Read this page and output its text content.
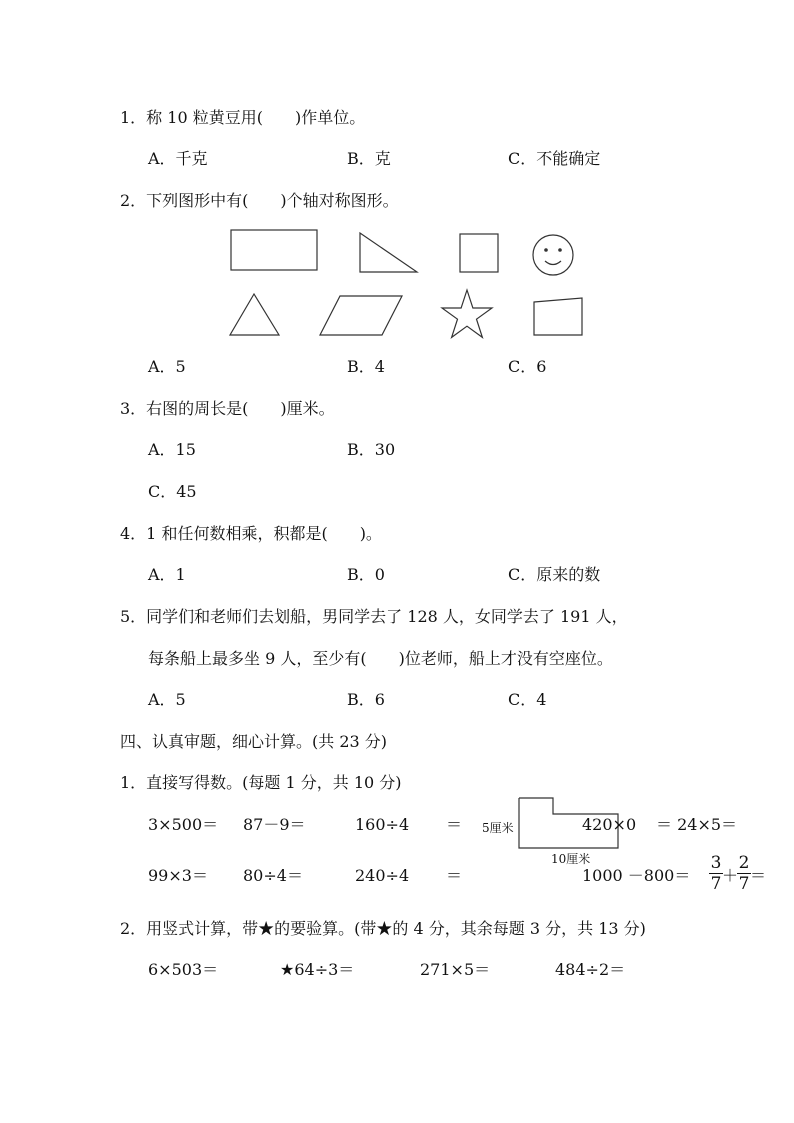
1．称 10 粒黄豆用(　　)作单位。
A．千克	B．克	C．不能确定
2．下列图形中有(　　)个轴对称图形。
A．5	B．4	C．6
3．右图的周长是(　　)厘米。
A．15	B．30
C．45
4．1 和任何数相乘，积都是(　　)。
A．1	B．0	C．原来的数
5．同学们和老师们去划船，男同学去了 128 人，女同学去了 191 人，
每条船上最多坐 9 人，至少有(　　)位老师，船上才没有空座位。
A．5	B．6	C．4
四、认真审题，细心计算。(共 23 分)
1．直接写得数。(每题 1 分，共 10 分)
5厘米
10厘米
3×500＝ 87－9＝	160÷4 ＝	420×0 ＝ 24×5＝
99×3＝ 80÷4＝	240÷4 ＝	1000 －800＝
3
7 ＋
2
7 ＝
2．用竖式计算，带★的要验算。(带★的 4 分，其余每题 3 分，共 13 分)
6×503＝	★64÷3＝	271×5＝	484÷2＝
